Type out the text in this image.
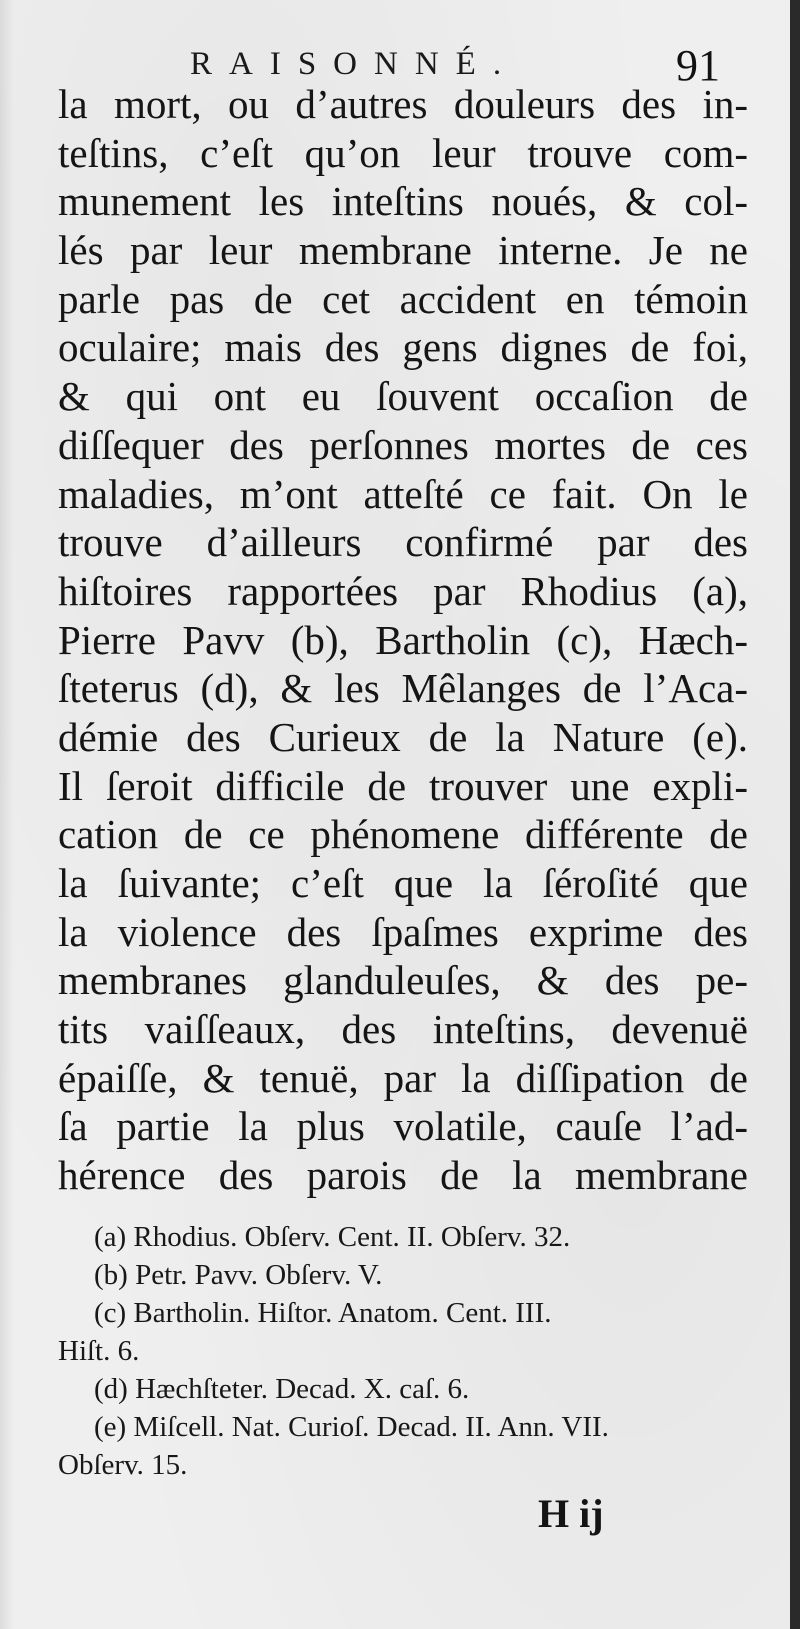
RAISONNÉ.	91
la mort, ou d’autres douleurs des in-
teſtins, c’eſt qu’on leur trouve com-
munement les inteſtins noués, & col-
lés par leur membrane interne. Je ne
parle pas de cet accident en témoin
oculaire; mais des gens dignes de foi,
& qui ont eu ſouvent occaſion de
diſſequer des perſonnes mortes de ces
maladies, m’ont atteſté ce fait. On le
trouve d’ailleurs confirmé par des
hiſtoires rapportées par Rhodius (a),
Pierre Pavv (b), Bartholin (c), Hæch-
ſteterus (d), & les Mêlanges de l’Aca-
démie des Curieux de la Nature (e).
Il ſeroit difficile de trouver une expli-
cation de ce phénomene différente de
la ſuivante; c’eſt que la ſéroſité que
la violence des ſpaſmes exprime des
membranes glanduleuſes, & des pe-
tits vaiſſeaux, des inteſtins, devenuë
épaiſſe, & tenuë, par la diſſipation de
ſa partie la plus volatile, cauſe l’ad-
hérence des parois de la membrane
(a) Rhodius. Obſerv. Cent. II. Obſerv. 32.
(b) Petr. Pavv. Obſerv. V.
(c) Bartholin. Hiſtor. Anatom. Cent. III.
Hiſt. 6.
(d) Hæchſteter. Decad. X. caſ. 6.
(e) Miſcell. Nat. Curioſ. Decad. II. Ann. VII.
Obſerv. 15.
H ij
